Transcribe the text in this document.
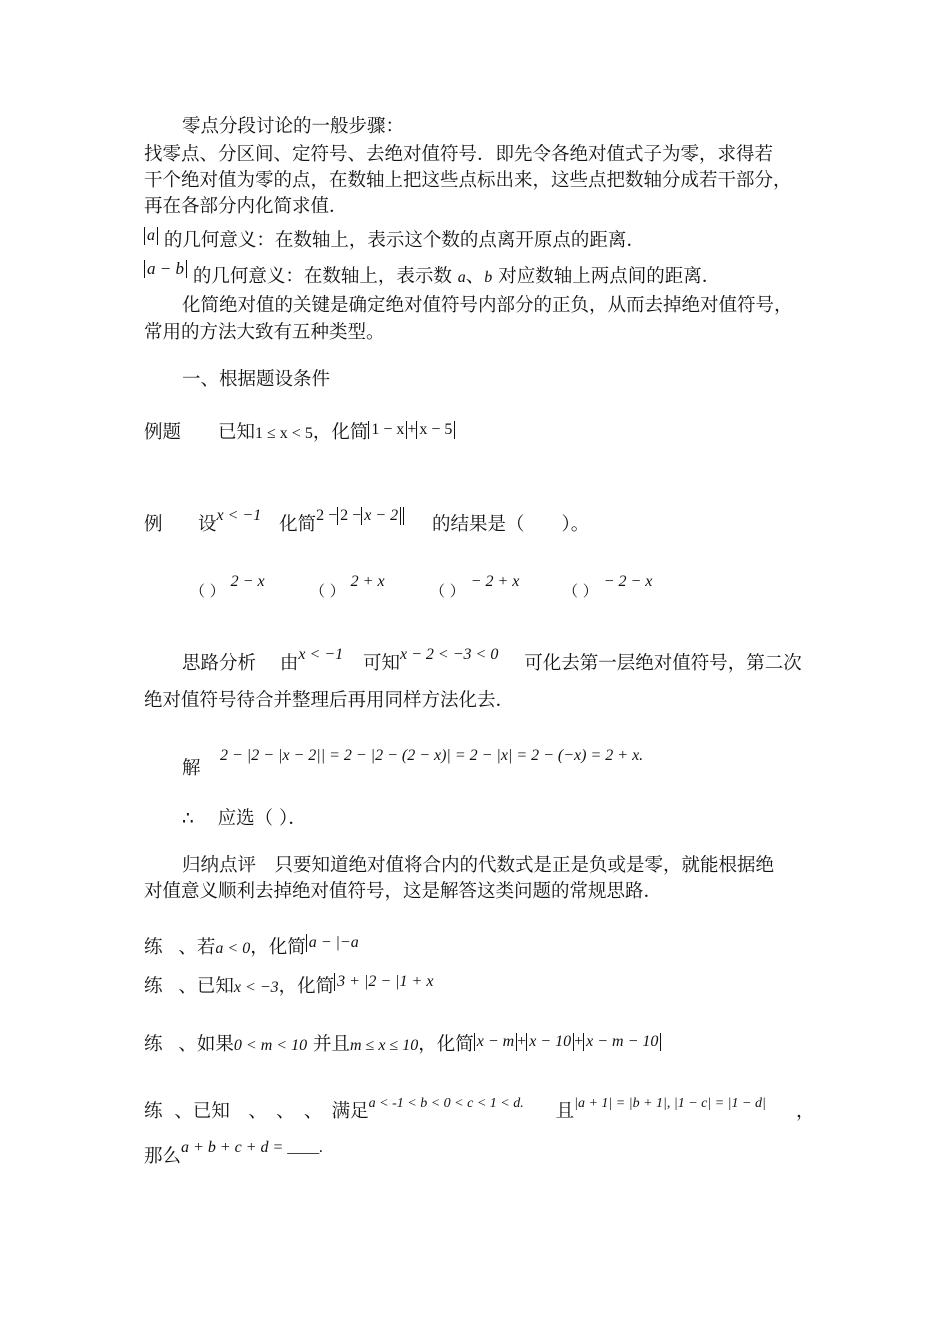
零点分段讨论的一般步骤：
找零点、分区间、定符号、去绝对值符号．即先令各绝对值式子为零，求得若
干个绝对值为零的点，在数轴上把这些点标出来，这些点把数轴分成若干部分，
再在各部分内化简求值．
a 的几何意义：在数轴上，表示这个数的点离开原点的距离．
a − b 的几何意义：在数轴上，表示数 a、b 对应数轴上两点间的距离．
化简绝对值的关键是确定绝对值符号内部分的正负，从而去掉绝对值符号，
常用的方法大致有五种类型。
一、根据题设条件
例题 已知1 ≤ x < 5，化简 1 − x + x − 5
例 设x < −1 化简2 − 2 − x − 2 的结果是（　　）。
（ ） 2 − x
（ ） 2 + x
（ ） − 2 + x
（ ） − 2 − x
思路分析 由x < −1 可知x − 2 < −3 < 0 可化去第一层绝对值符号，第二次
绝对值符号待合并整理后再用同样方法化去．
解
2 − |2 − |x − 2|| = 2 − |2 − (2 − x)| = 2 − |x| = 2 − (−x) = 2 + x.
∴ 应选（ ）．
归纳点评　只要知道绝对值将合内的代数式是正是负或是零，就能根据绝
对值意义顺利去掉绝对值符号，这是解答这类问题的常规思路．
练 、若a < 0，化简 a − |−a
练 、已知x < −3，化简 3 + |2 − |1 + x
练 、如果0 < m < 10 并且m ≤ x ≤ 10，化简 x − m + x − 10 + x − m − 10
练 、已知　、　、　、　满足$^{a < -1 < b < 0 < c < 1 < d.}$ 且$^{|a + 1| = |b + 1|, |1 - c| = |1 - d|}$ ，
那么a + b + c + d = ____.
